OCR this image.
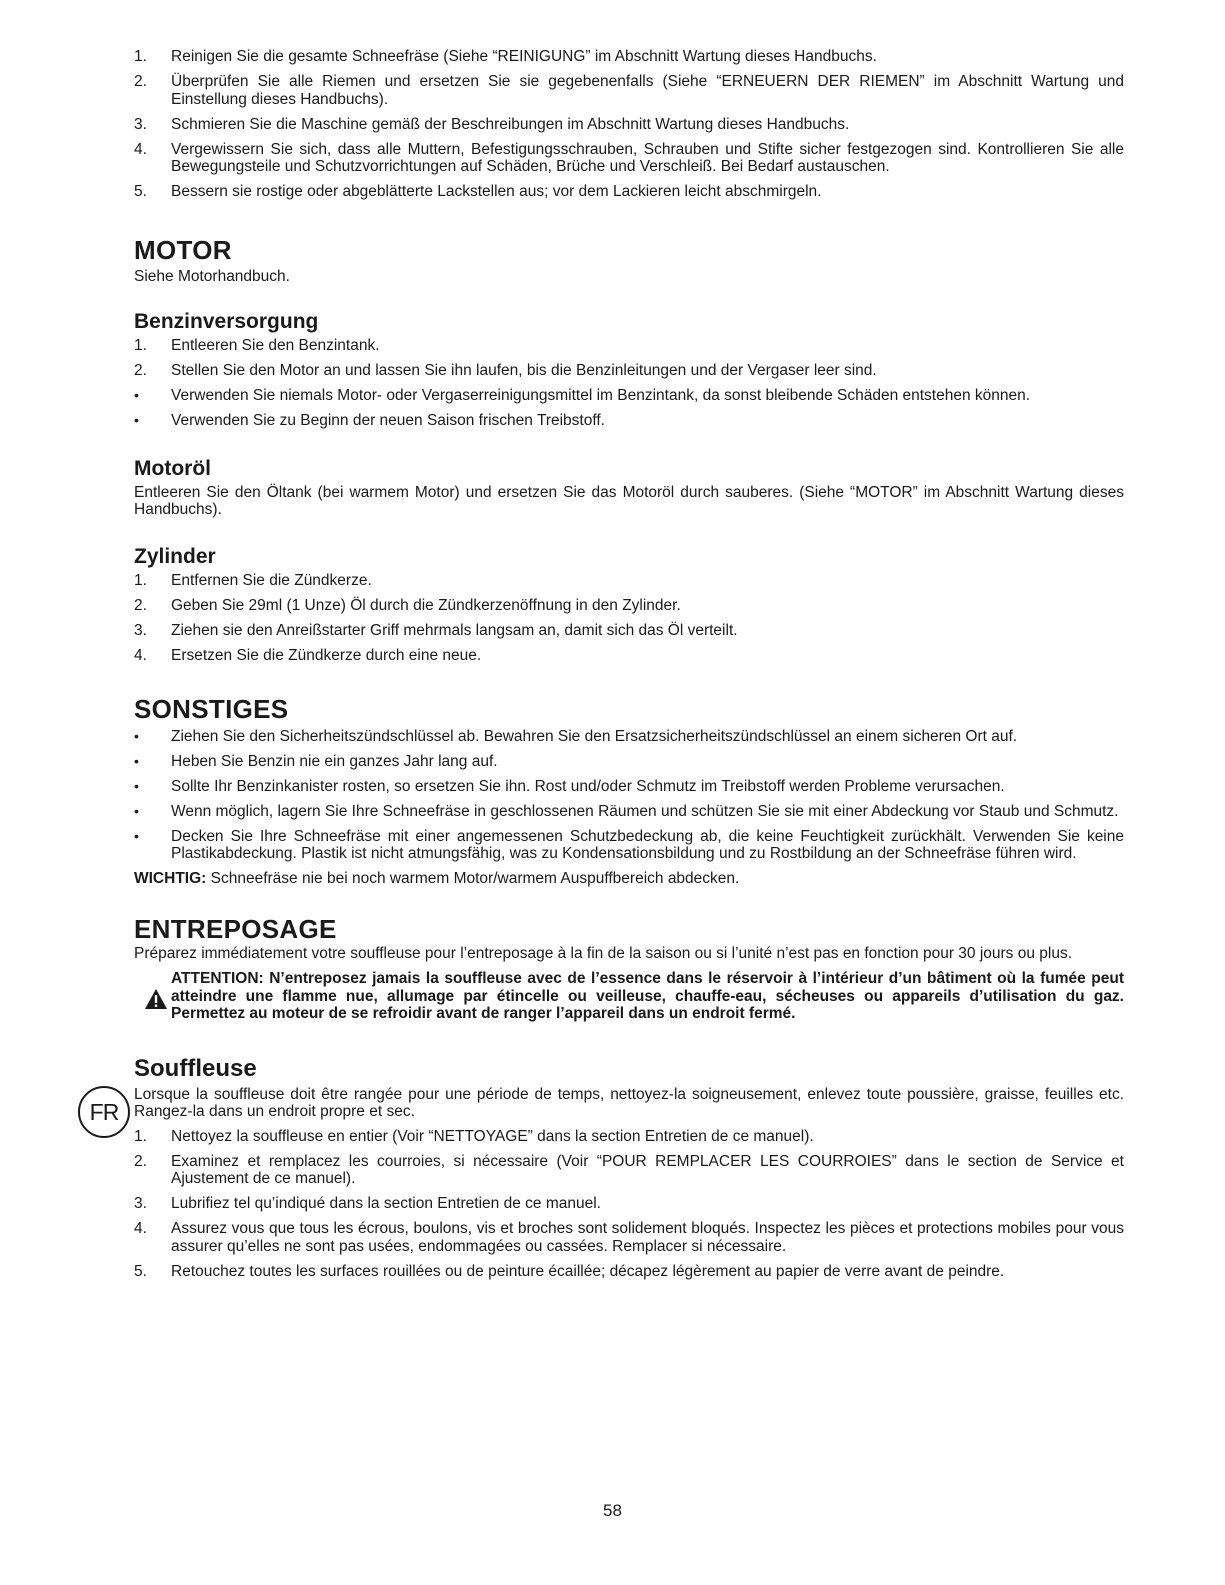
1.	Reinigen Sie die gesamte Schneefräse (Siehe “REINIGUNG” im Abschnitt Wartung dieses Handbuchs.
2.	Überprüfen Sie alle Riemen und ersetzen Sie sie gegebenenfalls (Siehe “ERNEUERN DER RIEMEN” im Abschnitt Wartung und Einstellung dieses Handbuchs).
3.	Schmieren Sie die Maschine gemäß der Beschreibungen im Abschnitt Wartung dieses Handbuchs.
4.	Vergewissern Sie sich, dass alle Muttern, Befestigungsschrauben, Schrauben und Stifte sicher festgezogen sind. Kontrollieren Sie alle Bewegungsteile und Schutzvorrichtungen auf Schäden, Brüche und Verschleiß. Bei Bedarf austauschen.
5.	Bessern sie rostige oder abgeblätterte Lackstellen aus; vor dem Lackieren leicht abschmirgeln.
MOTOR

Siehe Motorhandbuch.

Benzinversorgung
1.	Entleeren Sie den Benzintank.
2.	Stellen Sie den Motor an und lassen Sie ihn laufen, bis die Benzinleitungen und der Vergaser leer sind.
•	Verwenden Sie niemals Motor- oder Vergaserreinigungsmittel im Benzintank, da sonst bleibende Schäden entstehen können.
•	Verwenden Sie zu Beginn der neuen Saison frischen Treibstoff.
Motoröl

Entleeren Sie den Öltank (bei warmem Motor) und ersetzen Sie das Motoröl durch sauberes. (Siehe “MOTOR” im Abschnitt Wartung dieses Handbuchs).

Zylinder
1.	Entfernen Sie die Zündkerze.
2.	Geben Sie 29ml (1 Unze) Öl durch die Zündkerzenöffnung in den Zylinder.
3.	Ziehen sie den Anreißstarter Griff mehrmals langsam an, damit sich das Öl verteilt.
4.	Ersetzen Sie die Zündkerze durch eine neue.
SONSTIGES
•	Ziehen Sie den Sicherheitszündschlüssel ab. Bewahren Sie den Ersatzsicherheitszündschlüssel an einem sicheren Ort auf.
•	Heben Sie Benzin nie ein ganzes Jahr lang auf.
•	Sollte Ihr Benzinkanister rosten, so ersetzen Sie ihn. Rost und/oder Schmutz im Treibstoff werden Probleme verursachen.
•	Wenn möglich, lagern Sie Ihre Schneefräse in geschlossenen Räumen und schützen Sie sie mit einer Abdeckung vor Staub und Schmutz.
•	Decken Sie Ihre Schneefräse mit einer angemessenen Schutzbedeckung ab, die keine Feuchtigkeit zurückhält. Verwenden Sie keine Plastikabdeckung. Plastik ist nicht atmungsfähig, was zu Kondensationsbildung und zu Rostbildung an der Schneefräse führen wird.

WICHTIG: Schneefräse nie bei noch warmem Motor/warmem Auspuffbereich abdecken.

ENTREPOSAGE

Préparez immédiatement votre souffleuse pour l’entreposage à la fin de la saison ou si l’unité n’est pas en fonction pour 30 jours ou plus.

ATTENTION: N’entreposez jamais la souffleuse avec de l’essence dans le réservoir à l’intérieur d’un bâtiment où la fumée peut atteindre une flamme nue, allumage par étincelle ou veilleuse, chauffe-eau, sécheuses ou appareils d’utilisation du gaz. Permettez au moteur de se refroidir avant de ranger l’appareil dans un endroit fermé.
Souffleuse

Lorsque la souffleuse doit être rangée pour une période de temps, nettoyez-la soigneusement, enlevez toute poussière, graisse, feuilles etc. Rangez-la dans un endroit propre et sec.

1.	Nettoyez la souffleuse en entier (Voir “NETTOYAGE” dans la section Entretien de ce manuel).
2.	Examinez et remplacez les courroies, si nécessaire (Voir “POUR REMPLACER LES COURROIES” dans le section de Service et Ajustement de ce manuel).
3.	Lubrifiez tel qu’indiqué dans la section Entretien de ce manuel.
4.	Assurez vous que tous les écrous, boulons, vis et broches sont solidement bloqués. Inspectez les pièces et protections mobiles pour vous assurer qu’elles ne sont pas usées, endommagées ou cassées. Remplacer si nécessaire.
5.	Retouchez toutes les surfaces rouillées ou de peinture écaillée; décapez légèrement au papier de verre avant de peindre.
FR
58
